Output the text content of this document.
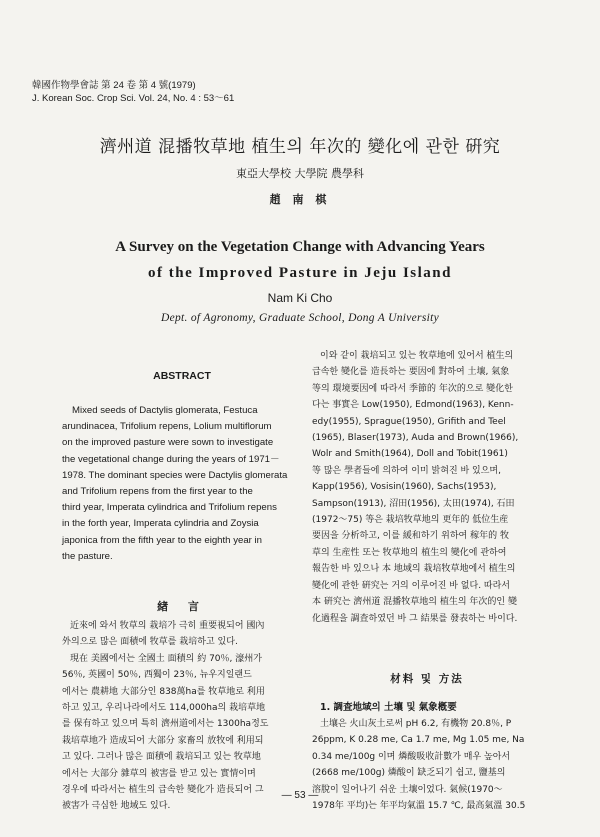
韓國作物學會誌 第 24 卷 第 4 號(1979)
J. Korean Soc. Crop Sci. Vol. 24, No. 4 : 53～61
濟州道 混播牧草地 植生의 年次的 變化에 관한 硏究
東亞大學校 大學院 農學科
趙 南 棋
A Survey on the Vegetation Change with Advancing Years
of the Improved Pasture in Jeju Island
Nam Ki Cho
Dept. of Agronomy, Graduate School, Dong A University
ABSTRACT
Mixed seeds of Dactylis glomerata, Festuca
arundinacea, Trifolium repens, Lolium multiflorum
on the improved pasture were sown to investigate
the vegetational change during the years of 1971－
1978. The dominant species were Dactylis glomerata
and Trifolium repens from the first year to the
third year, Imperata cylindrica and Trifolium repens
in the forth year, Imperata cylindria and Zoysia
japonica from the fifth year to the eighth year in
the pasture.
緖 言
近來에 와서 牧草의 栽培가 극히 重要視되어 國內
外의으로 많은 面積에 牧草를 栽培하고 있다.
現在 美國에서는 全國土 面積의 約 70％, 濠州가
56％, 英國이 50％, 西獨이 23％, 뉴우지일랜드
에서는 農耕地 大部分인 838萬ha를 牧草地로 利用
하고 있고, 우리나라에서도 114,000ha의 栽培草地
를 保有하고 있으며 특히 濟州道에서는 1300ha정도
栽培草地가 造成되어 大部分 家畜의 放牧에 利用되
고 있다. 그러나 많은 面積에 栽培되고 있는 牧草地
에서는 大部分 雜草의 被害를 받고 있는 實情이며
경우에 따라서는 植生의 급속한 變化가 造長되어 그
被害가 극심한 地域도 있다.
이와 같이 栽培되고 있는 牧草地에 있어서 植生의
급속한 變化를 造長하는 要因에 對하여 土壤, 氣象
等의 環境要因에 따라서 季節的 年次的으로 變化한
다는 事實은 Low(1950), Edmond(1963), Kenn-
edy(1955), Sprague(1950), Grifith and Teel
(1965), Blaser(1973), Auda and Brown(1966),
Wolr and Smith(1964), Doll and Tobit(1961)
等 많은 學者들에 의하여 이미 밝혀진 바 있으며,
Kapp(1956), Vosisin(1960), Sachs(1953),
Sampson(1913), 沼田(1956), 太田(1974), 石田
(1972～75) 等은 栽培牧草地의 更年的 低位生産
要因을 分析하고, 이를 緩和하기 위하여 稼年的 牧
草의 生産性 또는 牧草地의 植生의 變化에 관하여
報告한 바 있으나 本 地域의 栽培牧草地에서 植生의
變化에 관한 硏究는 거의 이루어진 바 없다. 따라서
本 硏究는 濟州道 混播牧草地의 植生의 年次的인 變
化過程을 調査하였던 바 그 結果를 發表하는 바이다.
材料 및 方法
1. 調査地域의 土壤 및 氣象槪要
土壤은 火山灰土로써 pH 6.2, 有機物 20.8％, P
26ppm, K 0.28 me, Ca 1.7 me, Mg 1.05 me, Na
0.34 me/100g 이며 燐酸吸收計數가 매우 높아서
(2668 me/100g) 燐酸이 缺乏되기 쉽고, 鹽基의
溶脫이 일어나기 쉬운 土壤이었다. 氣候(1970～
1978年 平均)는 年平均氣溫 15.7 ℃, 最高氣溫 30.5
— 53 —
